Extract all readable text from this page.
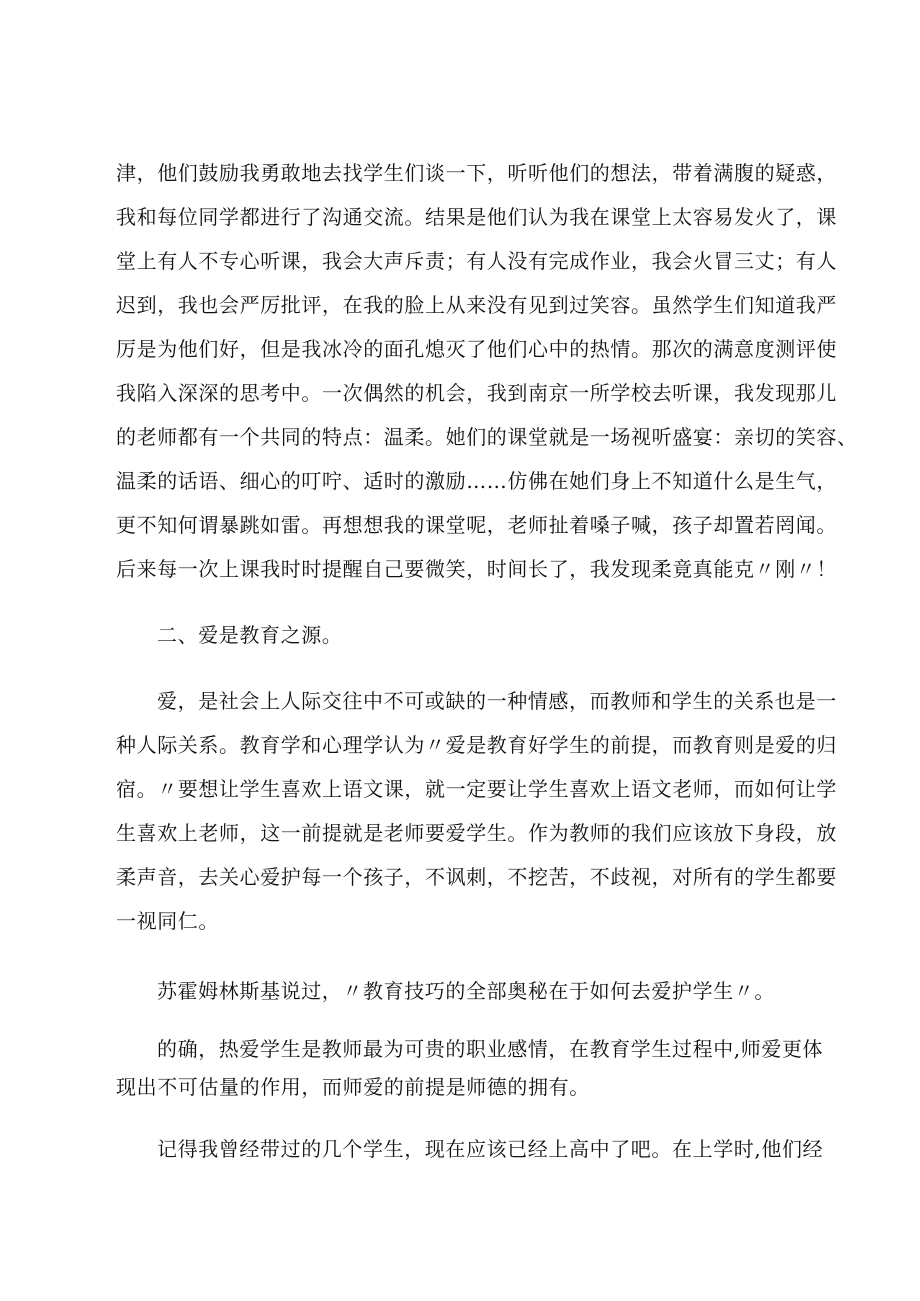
津，他们鼓励我勇敢地去找学生们谈一下，听听他们的想法，带着满腹的疑惑，

我和每位同学都进行了沟通交流。结果是他们认为我在课堂上太容易发火了，课

堂上有人不专心听课，我会大声斥责；有人没有完成作业，我会火冒三丈；有人

迟到，我也会严厉批评，在我的脸上从来没有见到过笑容。虽然学生们知道我严

厉是为他们好，但是我冰冷的面孔熄灭了他们心中的热情。那次的满意度测评使

我陷入深深的思考中。一次偶然的机会，我到南京一所学校去听课，我发现那儿

的老师都有一个共同的特点：温柔。她们的课堂就是一场视听盛宴：亲切的笑容、

温柔的话语、细心的叮咛、适时的激励……仿佛在她们身上不知道什么是生气，

更不知何谓暴跳如雷。再想想我的课堂呢，老师扯着嗓子喊，孩子却置若罔闻。

后来每一次上课我时时提醒自己要微笑，时间长了，我发现柔竟真能克〃刚〃！

二、爱是教育之源。

爱，是社会上人际交往中不可或缺的一种情感，而教师和学生的关系也是一

种人际关系。教育学和心理学认为〃爱是教育好学生的前提，而教育则是爱的归

宿。〃要想让学生喜欢上语文课，就一定要让学生喜欢上语文老师，而如何让学

生喜欢上老师，这一前提就是老师要爱学生。作为教师的我们应该放下身段，放

柔声音，去关心爱护每一个孩子，不讽刺，不挖苦，不歧视，对所有的学生都要

一视同仁。

苏霍姆林斯基说过，〃教育技巧的全部奥秘在于如何去爱护学生〃。

的确，热爱学生是教师最为可贵的职业感情，在教育学生过程中,师爱更体

现出不可估量的作用，而师爱的前提是师德的拥有。

记得我曾经带过的几个学生，现在应该已经上高中了吧。在上学时,他们经
